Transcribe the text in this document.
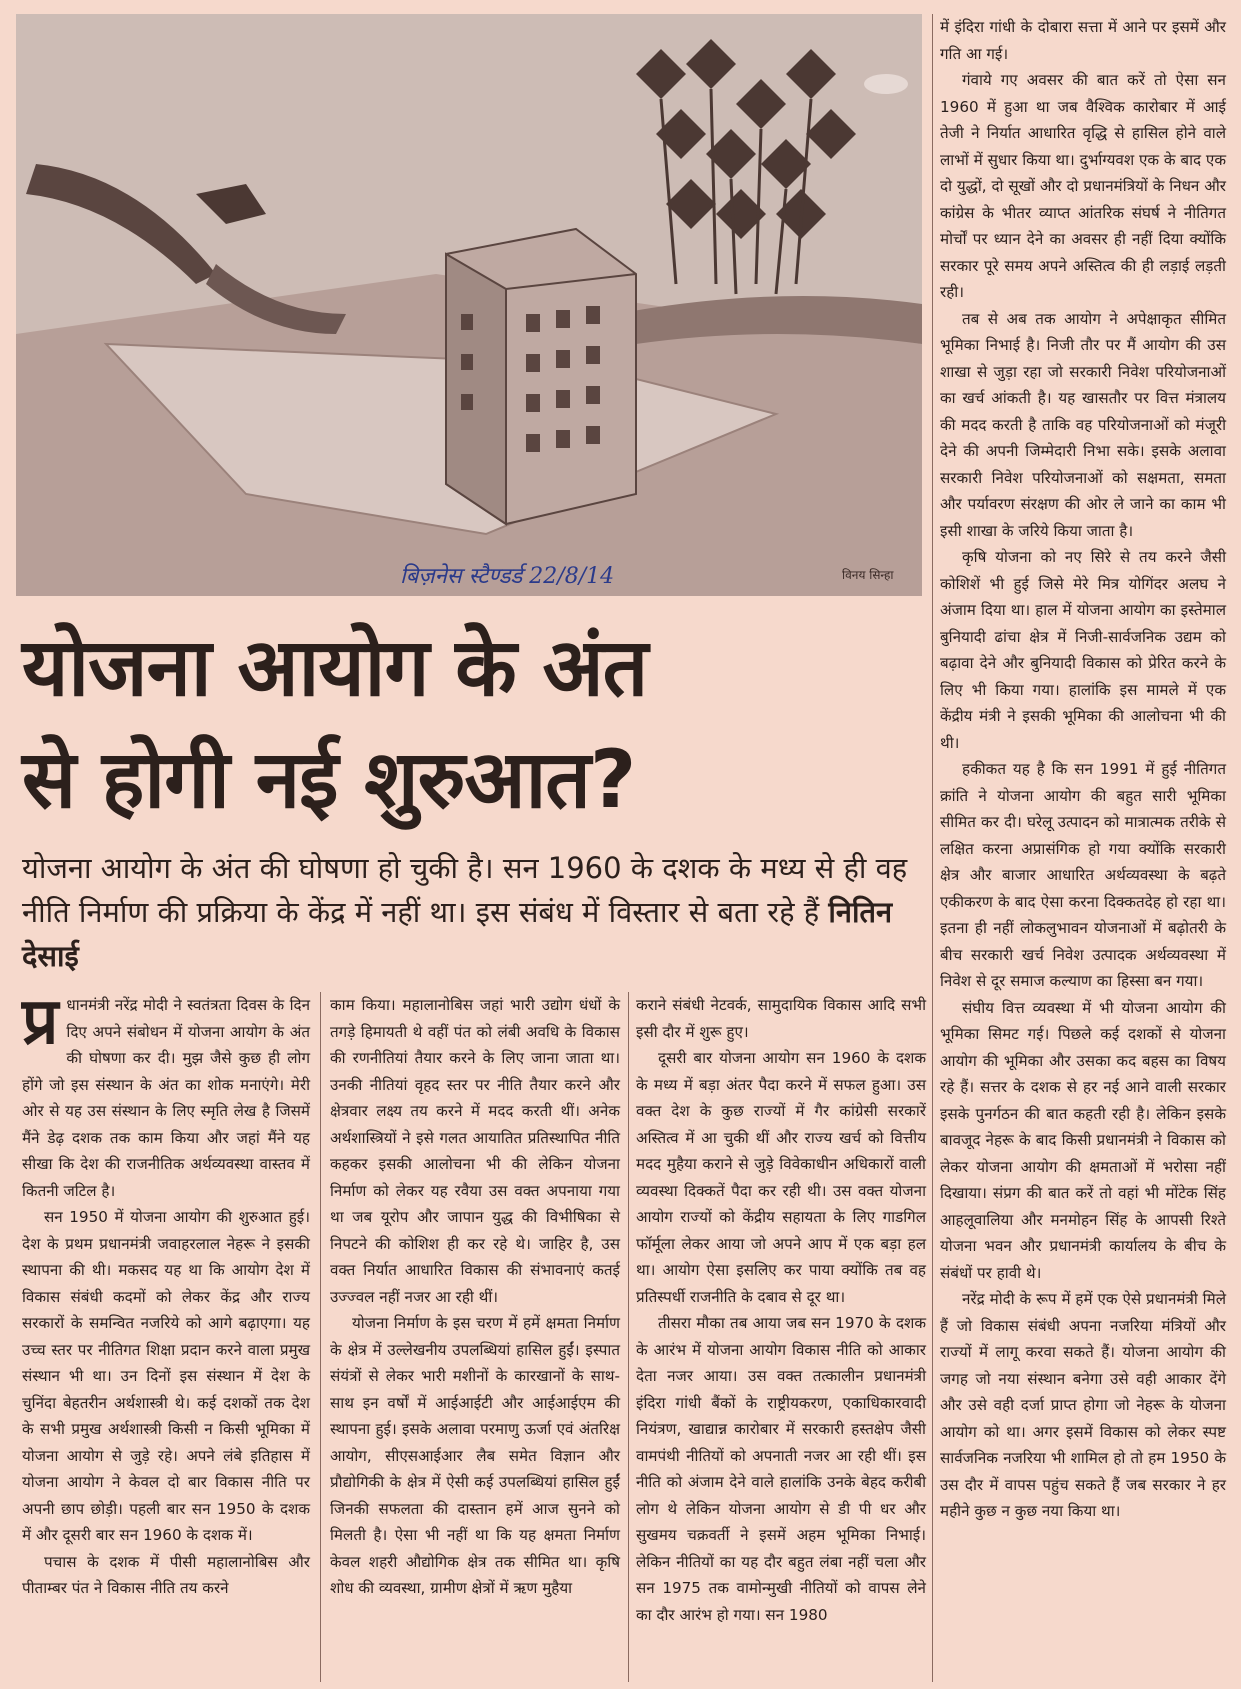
बिज़नेस स्टैण्डर्ड 22/8/14	विनय सिन्हा
योजना आयोग के अंत
से होगी नई शुरुआत?
योजना आयोग के अंत की घोषणा हो चुकी है। सन 1960 के दशक के मध्य से ही वह नीति निर्माण की प्रक्रिया के केंद्र में नहीं था। इस संबंध में विस्तार से बता रहे हैं नितिन देसाई

प्र धानमंत्री नरेंद्र मोदी ने स्वतंत्रता दिवस के दिन दिए अपने संबोधन में योजना आयोग के अंत की घोषणा कर दी। मुझ जैसे कुछ ही लोग होंगे जो इस संस्थान के अंत का शोक मनाएंगे। मेरी ओर से यह उस संस्थान के लिए स्मृति लेख है जिसमें मैंने डेढ़ दशक तक काम किया और जहां मैंने यह सीखा कि देश की राजनीतिक अर्थव्यवस्था वास्तव में कितनी जटिल है।

सन 1950 में योजना आयोग की शुरुआत हुई। देश के प्रथम प्रधानमंत्री जवाहरलाल नेहरू ने इसकी स्थापना की थी। मकसद यह था कि आयोग देश में विकास संबंधी कदमों को लेकर केंद्र और राज्य सरकारों के समन्वित नजरिये को आगे बढ़ाएगा। यह उच्च स्तर पर नीतिगत शिक्षा प्रदान करने वाला प्रमुख संस्थान भी था। उन दिनों इस संस्थान में देश के चुनिंदा बेहतरीन अर्थशास्त्री थे। कई दशकों तक देश के सभी प्रमुख अर्थशास्त्री किसी न किसी भूमिका में योजना आयोग से जुड़े रहे। अपने लंबे इतिहास में योजना आयोग ने केवल दो बार विकास नीति पर अपनी छाप छोड़ी। पहली बार सन 1950 के दशक में और दूसरी बार सन 1960 के दशक में।

पचास के दशक में पीसी महालानोबिस और पीताम्बर पंत ने विकास नीति तय करने

काम किया। महालानोबिस जहां भारी उद्योग धंधों के तगड़े हिमायती थे वहीं पंत को लंबी अवधि के विकास की रणनीतियां तैयार करने के लिए जाना जाता था। उनकी नीतियां वृहद स्तर पर नीति तैयार करने और क्षेत्रवार लक्ष्य तय करने में मदद करती थीं। अनेक अर्थशास्त्रियों ने इसे गलत आयातित प्रतिस्थापित नीति कहकर इसकी आलोचना भी की लेकिन योजना निर्माण को लेकर यह रवैया उस वक्त अपनाया गया था जब यूरोप और जापान युद्ध की विभीषिका से निपटने की कोशिश ही कर रहे थे। जाहिर है, उस वक्त निर्यात आधारित विकास की संभावनाएं कतई उज्ज्वल नहीं नजर आ रही थीं।

योजना निर्माण के इस चरण में हमें क्षमता निर्माण के क्षेत्र में उल्लेखनीय उपलब्धियां हासिल हुईं। इस्पात संयंत्रों से लेकर भारी मशीनों के कारखानों के साथ-साथ इन वर्षों में आईआईटी और आईआईएम की स्थापना हुई। इसके अलावा परमाणु ऊर्जा एवं अंतरिक्ष आयोग, सीएसआईआर लैब समेत विज्ञान और प्रौद्योगिकी के क्षेत्र में ऐसी कई उपलब्धियां हासिल हुईं जिनकी सफलता की दास्तान हमें आज सुनने को मिलती है। ऐसा भी नहीं था कि यह क्षमता निर्माण केवल शहरी औद्योगिक क्षेत्र तक सीमित था। कृषि शोध की व्यवस्था, ग्रामीण क्षेत्रों में ऋण मुहैया

कराने संबंधी नेटवर्क, सामुदायिक विकास आदि सभी इसी दौर में शुरू हुए।

दूसरी बार योजना आयोग सन 1960 के दशक के मध्य में बड़ा अंतर पैदा करने में सफल हुआ। उस वक्त देश के कुछ राज्यों में गैर कांग्रेसी सरकारें अस्तित्व में आ चुकी थीं और राज्य खर्च को वित्तीय मदद मुहैया कराने से जुड़े विवेकाधीन अधिकारों वाली व्यवस्था दिक्कतें पैदा कर रही थी। उस वक्त योजना आयोग राज्यों को केंद्रीय सहायता के लिए गाडगिल फॉर्मूला लेकर आया जो अपने आप में एक बड़ा हल था। आयोग ऐसा इसलिए कर पाया क्योंकि तब वह प्रतिस्पर्धी राजनीति के दबाव से दूर था।

तीसरा मौका तब आया जब सन 1970 के दशक के आरंभ में योजना आयोग विकास नीति को आकार देता नजर आया। उस वक्त तत्कालीन प्रधानमंत्री इंदिरा गांधी बैंकों के राष्ट्रीयकरण, एकाधिकारवादी नियंत्रण, खाद्यान्न कारोबार में सरकारी हस्तक्षेप जैसी वामपंथी नीतियों को अपनाती नजर आ रही थीं। इस नीति को अंजाम देने वाले हालांकि उनके बेहद करीबी लोग थे लेकिन योजना आयोग से डी पी धर और सुखमय चक्रवर्ती ने इसमें अहम भूमिका निभाई। लेकिन नीतियों का यह दौर बहुत लंबा नहीं चला और सन 1975 तक वामोन्मुखी नीतियों को वापस लेने का दौर आरंभ हो गया। सन 1980

में इंदिरा गांधी के दोबारा सत्ता में आने पर इसमें और गति आ गई।

गंवाये गए अवसर की बात करें तो ऐसा सन 1960 में हुआ था जब वैश्विक कारोबार में आई तेजी ने निर्यात आधारित वृद्धि से हासिल होने वाले लाभों में सुधार किया था। दुर्भाग्यवश एक के बाद एक दो युद्धों, दो सूखों और दो प्रधानमंत्रियों के निधन और कांग्रेस के भीतर व्याप्त आंतरिक संघर्ष ने नीतिगत मोर्चों पर ध्यान देने का अवसर ही नहीं दिया क्योंकि सरकार पूरे समय अपने अस्तित्व की ही लड़ाई लड़ती रही।

तब से अब तक आयोग ने अपेक्षाकृत सीमित भूमिका निभाई है। निजी तौर पर मैं आयोग की उस शाखा से जुड़ा रहा जो सरकारी निवेश परियोजनाओं का खर्च आंकती है। यह खासतौर पर वित्त मंत्रालय की मदद करती है ताकि वह परियोजनाओं को मंजूरी देने की अपनी जिम्मेदारी निभा सके। इसके अलावा सरकारी निवेश परियोजनाओं को सक्षमता, समता और पर्यावरण संरक्षण की ओर ले जाने का काम भी इसी शाखा के जरिये किया जाता है।

कृषि योजना को नए सिरे से तय करने जैसी कोशिशें भी हुई जिसे मेरे मित्र योगिंदर अलघ ने अंजाम दिया था। हाल में योजना आयोग का इस्तेमाल बुनियादी ढांचा क्षेत्र में निजी-सार्वजनिक उद्यम को बढ़ावा देने और बुनियादी विकास को प्रेरित करने के लिए भी किया गया। हालांकि इस मामले में एक केंद्रीय मंत्री ने इसकी भूमिका की आलोचना भी की थी।

हकीकत यह है कि सन 1991 में हुई नीतिगत क्रांति ने योजना आयोग की बहुत सारी भूमिका सीमित कर दी। घरेलू उत्पादन को मात्रात्मक तरीके से लक्षित करना अप्रासंगिक हो गया क्योंकि सरकारी क्षेत्र और बाजार आधारित अर्थव्यवस्था के बढ़ते एकीकरण के बाद ऐसा करना दिक्कतदेह हो रहा था। इतना ही नहीं लोकलुभावन योजनाओं में बढ़ोतरी के बीच सरकारी खर्च निवेश उत्पादक अर्थव्यवस्था में निवेश से दूर समाज कल्याण का हिस्सा बन गया।

संघीय वित्त व्यवस्था में भी योजना आयोग की भूमिका सिमट गई। पिछले कई दशकों से योजना आयोग की भूमिका और उसका कद बहस का विषय रहे हैं। सत्तर के दशक से हर नई आने वाली सरकार इसके पुनर्गठन की बात कहती रही है। लेकिन इसके बावजूद नेहरू के बाद किसी प्रधानमंत्री ने विकास को लेकर योजना आयोग की क्षमताओं में भरोसा नहीं दिखाया। संप्रग की बात करें तो वहां भी मोंटेक सिंह आहलूवालिया और मनमोहन सिंह के आपसी रिश्ते योजना भवन और प्रधानमंत्री कार्यालय के बीच के संबंधों पर हावी थे।

नरेंद्र मोदी के रूप में हमें एक ऐसे प्रधानमंत्री मिले हैं जो विकास संबंधी अपना नजरिया मंत्रियों और राज्यों में लागू करवा सकते हैं। योजना आयोग की जगह जो नया संस्थान बनेगा उसे वही आकार देंगे और उसे वही दर्जा प्राप्त होगा जो नेहरू के योजना आयोग को था। अगर इसमें विकास को लेकर स्पष्ट सार्वजनिक नजरिया भी शामिल हो तो हम 1950 के उस दौर में वापस पहुंच सकते हैं जब सरकार ने हर महीने कुछ न कुछ नया किया था।
